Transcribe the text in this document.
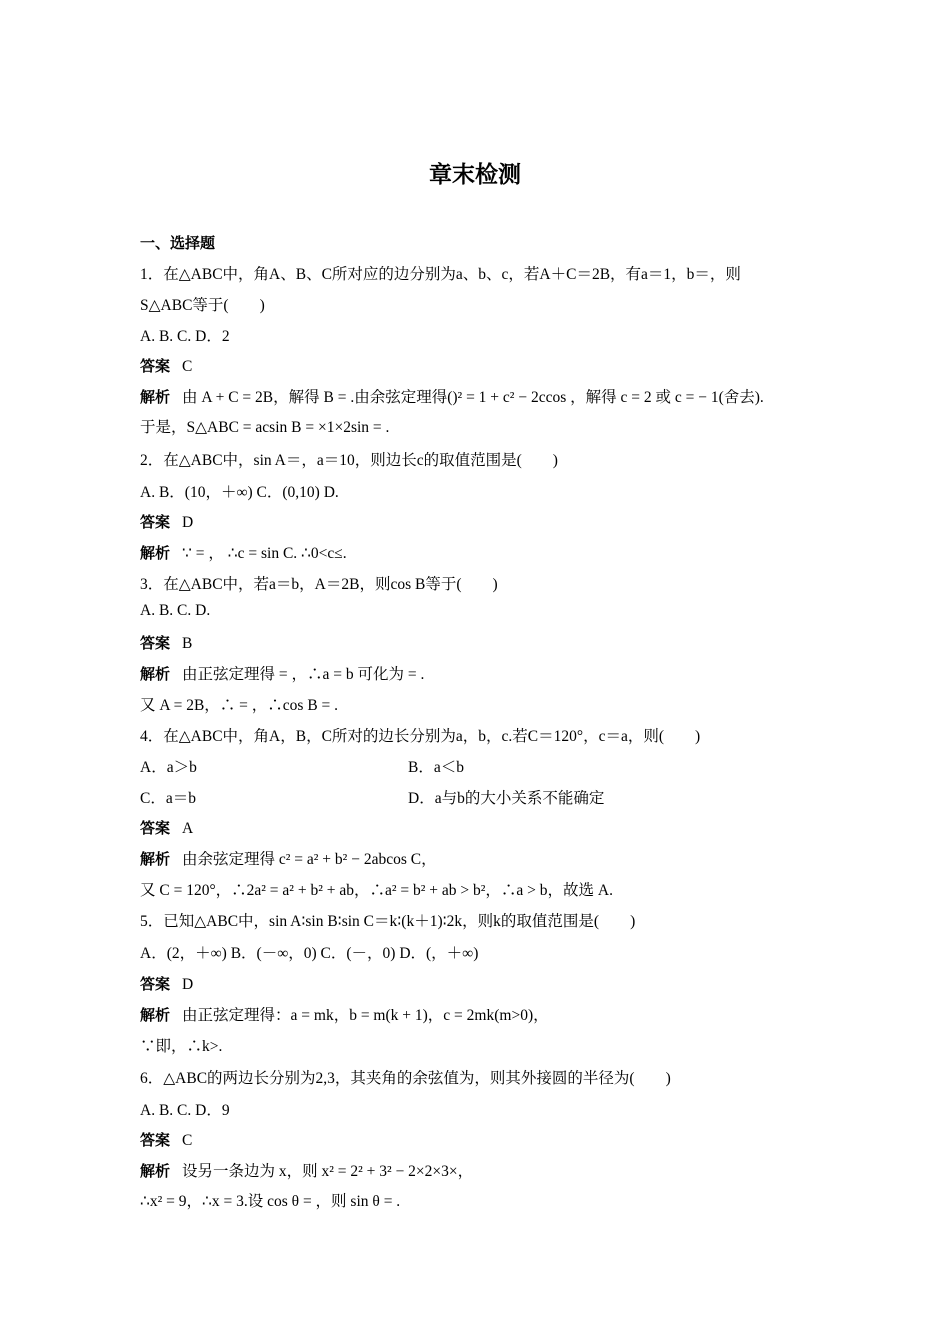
章末检测
一、选择题
1．在△ABC中，角A、B、C所对应的边分别为a、b、c，若A＋C＝2B，有a＝1，b＝，则
S△ABC等于(　　)
A. B. C. D．2
答案 C
解析 由 A + C = 2B，解得 B = .由余弦定理得()² = 1 + c² − 2ccos ，解得 c = 2 或 c = − 1(舍去).
于是，S△ABC = acsin B = ×1×2sin = .
2．在△ABC中，sin A＝，a＝10，则边长c的取值范围是(　　)
A. B．(10，＋∞) C．(0,10) D.
答案 D
解析 ∵ = ， ∴c = sin C. ∴0<c≤.
3．在△ABC中，若a＝b，A＝2B，则cos B等于(　　)
A. B. C. D.
答案 B
解析 由正弦定理得 = ，∴a = b 可化为 = .
又 A = 2B，∴ = ，∴cos B = .
4．在△ABC中，角A，B，C所对的边长分别为a，b，c.若C＝120°，c＝a，则(　　)
A．a＞b	B．a＜b
C．a＝b	D．a与b的大小关系不能确定
答案 A
解析 由余弦定理得 c² = a² + b² − 2abcos C，
又 C = 120°，∴2a² = a² + b² + ab，∴a² = b² + ab > b²，∴a > b，故选 A.
5．已知△ABC中，sin A∶sin B∶sin C＝k∶(k＋1)∶2k，则k的取值范围是(　　)
A．(2，＋∞) B．(－∞，0) C．(－，0) D．(，＋∞)
答案 D
解析 由正弦定理得：a = mk，b = m(k + 1)，c = 2mk(m>0)，
∵即，∴k>.
6．△ABC的两边长分别为2,3，其夹角的余弦值为，则其外接圆的半径为(　　)
A. B. C. D．9
答案 C
解析 设另一条边为 x，则 x² = 2² + 3² − 2×2×3×，
∴x² = 9，∴x = 3.设 cos θ = ，则 sin θ = .
